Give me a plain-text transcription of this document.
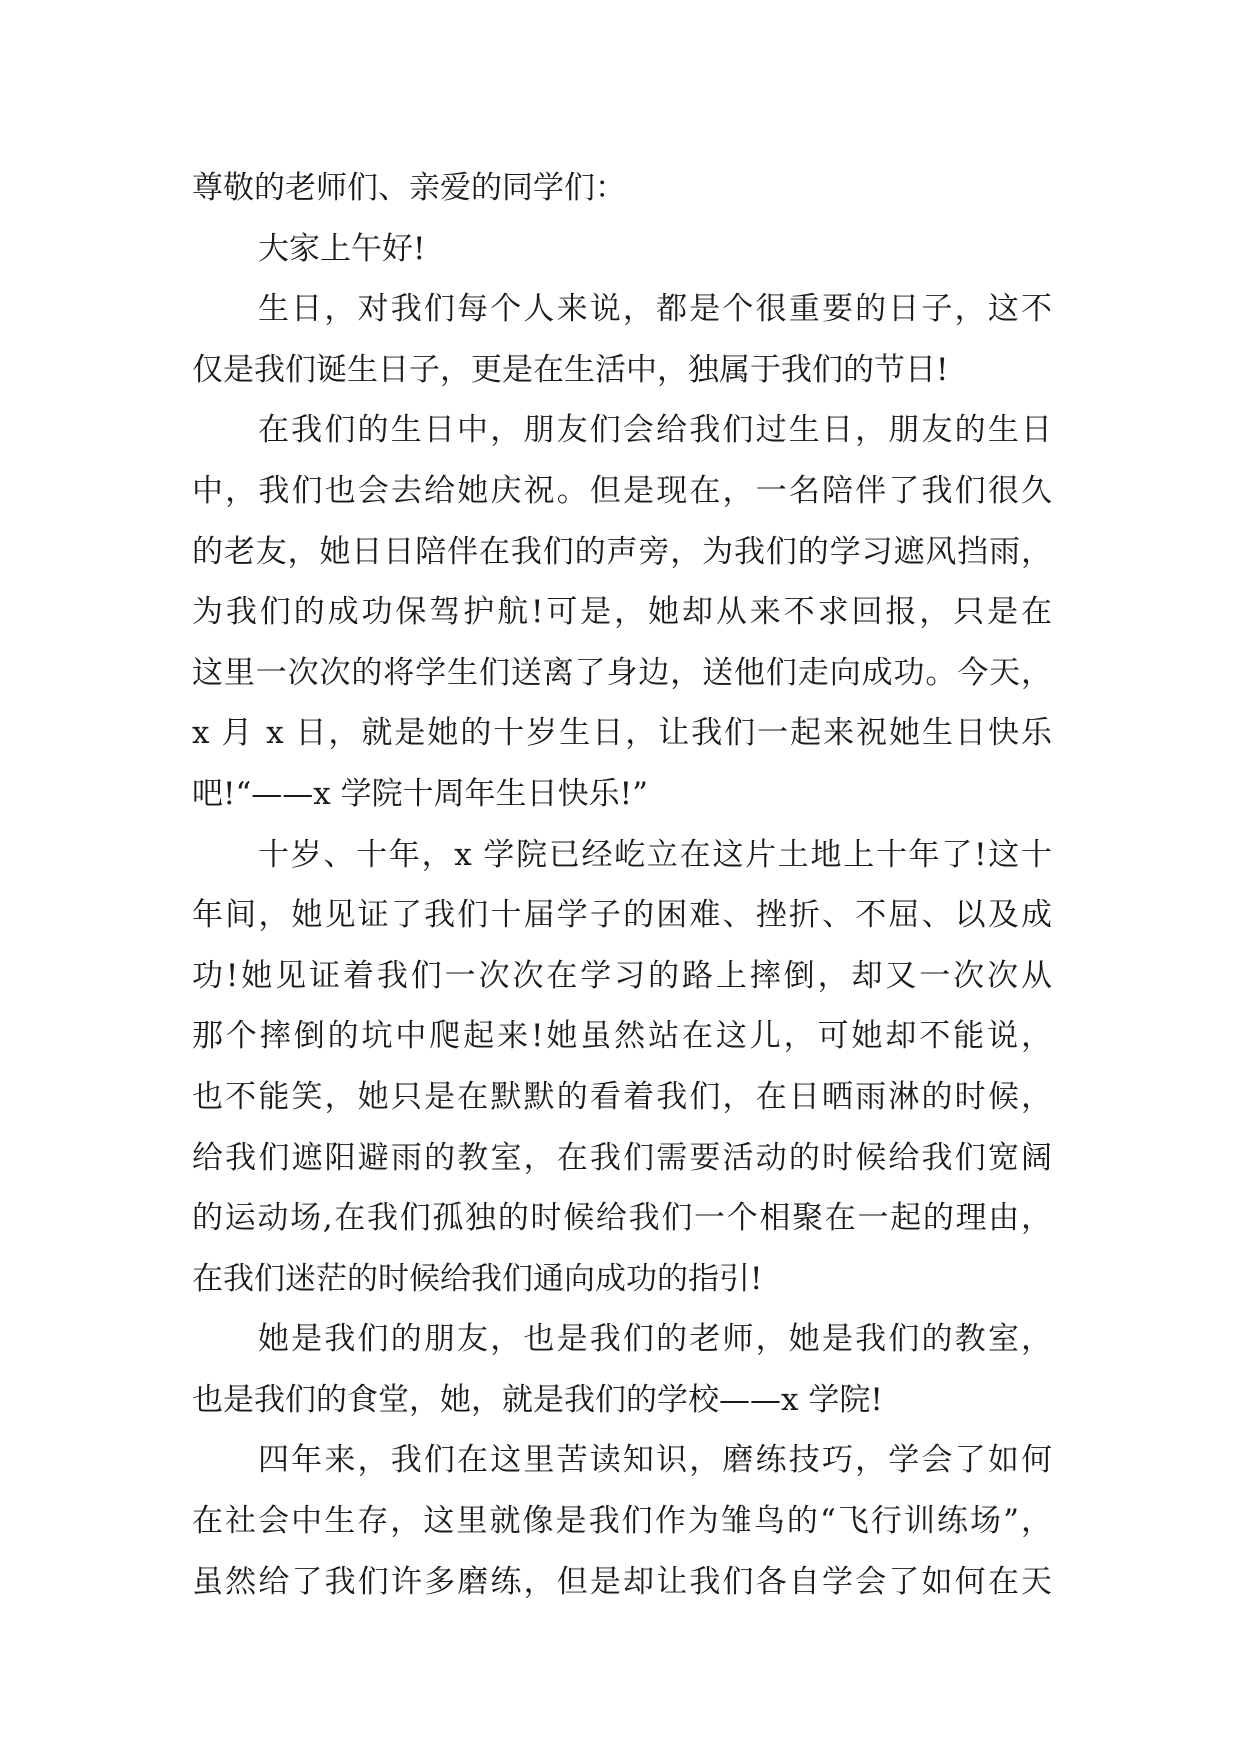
尊敬的老师们、亲爱的同学们：
大家上午好!
生日，对我们每个人来说，都是个很重要的日子，这不
仅是我们诞生日子，更是在生活中，独属于我们的节日!
在我们的生日中，朋友们会给我们过生日，朋友的生日
中，我们也会去给她庆祝。但是现在，一名陪伴了我们很久
的老友，她日日陪伴在我们的声旁，为我们的学习遮风挡雨，
为我们的成功保驾护航!可是，她却从来不求回报，只是在
这里一次次的将学生们送离了身边，送他们走向成功。今天，
x 月 x 日，就是她的十岁生日，让我们一起来祝她生日快乐
吧!“——x 学院十周年生日快乐!”
十岁、十年，x 学院已经屹立在这片土地上十年了!这十
年间，她见证了我们十届学子的困难、挫折、不屈、以及成
功!她见证着我们一次次在学习的路上摔倒，却又一次次从
那个摔倒的坑中爬起来!她虽然站在这儿，可她却不能说，
也不能笑，她只是在默默的看着我们，在日晒雨淋的时候，
给我们遮阳避雨的教室，在我们需要活动的时候给我们宽阔
的运动场,在我们孤独的时候给我们一个相聚在一起的理由，
在我们迷茫的时候给我们通向成功的指引!
她是我们的朋友，也是我们的老师，她是我们的教室，
也是我们的食堂，她，就是我们的学校——x 学院!
四年来，我们在这里苦读知识，磨练技巧，学会了如何
在社会中生存，这里就像是我们作为雏鸟的“飞行训练场”，
虽然给了我们许多磨练，但是却让我们各自学会了如何在天
